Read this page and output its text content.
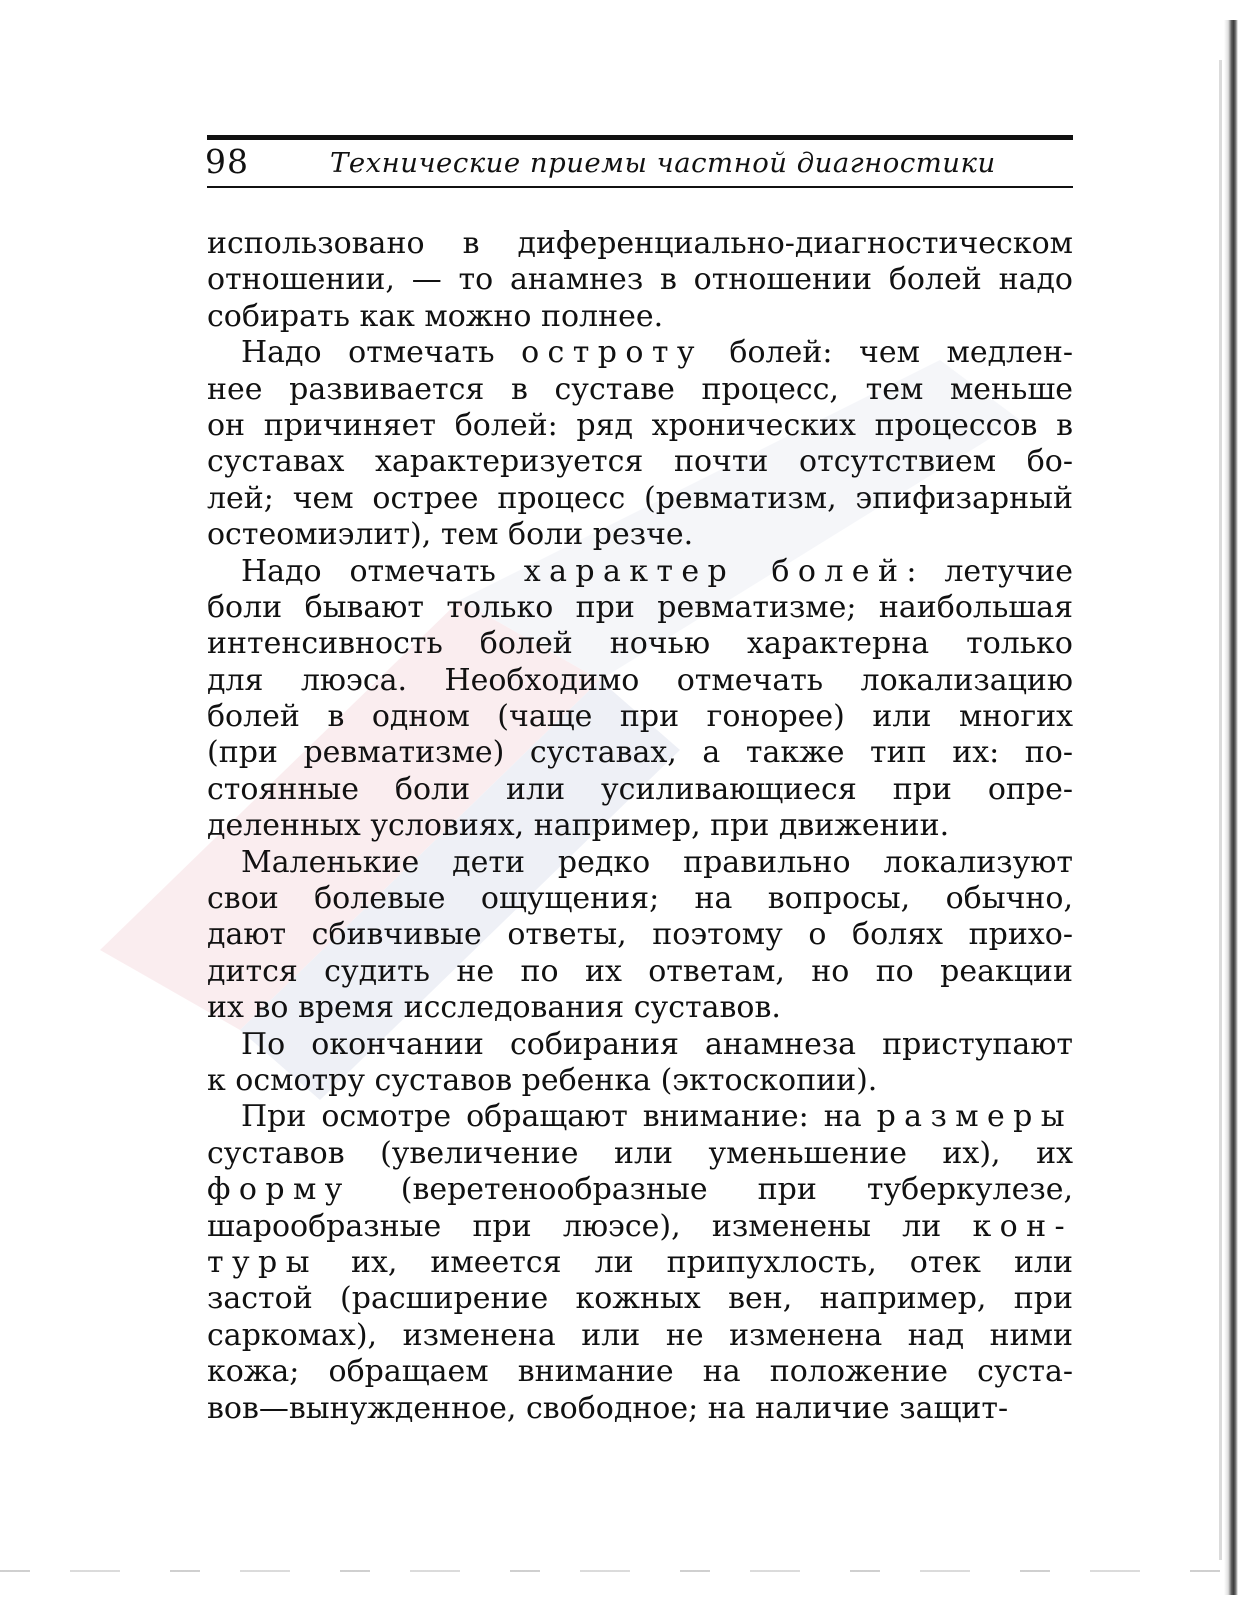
98	Технические приемы частной диагностики
использовано в диференциально-диагностическом
отношении, — то анамнез в отношении болей надо
собирать как можно полнее.
Надо отмечать остроту болей: чем медлен-
нее развивается в суставе процесс, тем меньше
он причиняет болей: ряд хронических процессов в
суставах характеризуется почти отсутствием бо-
лей; чем острее процесс (ревматизм, эпифизарный
остеомиэлит), тем боли резче.
Надо отмечать характер болей: летучие
боли бывают только при ревматизме; наибольшая
интенсивность болей ночью характерна только
для люэса. Необходимо отмечать локализацию
болей в одном (чаще при гонорее) или многих
(при ревматизме) суставах, а также тип их: по-
стоянные боли или усиливающиеся при опре-
деленных условиях, например, при движении.
Маленькие дети редко правильно локализуют
свои болевые ощущения; на вопросы, обычно,
дают сбивчивые ответы, поэтому о болях прихо-
дится судить не по их ответам, но по реакции
их во время исследования суставов.
По окончании собирания анамнеза приступают
к осмотру суставов ребенка (эктоскопии).
При осмотре обращают внимание: на размеры
суставов (увеличение или уменьшение их), их
форму (веретенообразные при туберкулезе,
шарообразные при люэсе), изменены ли кон-
туры их, имеется ли припухлость, отек или
застой (расширение кожных вен, например, при
саркомах), изменена или не изменена над ними
кожа; обращаем внимание на положение суста-
вов—вынужденное, свободное; на наличие защит-
